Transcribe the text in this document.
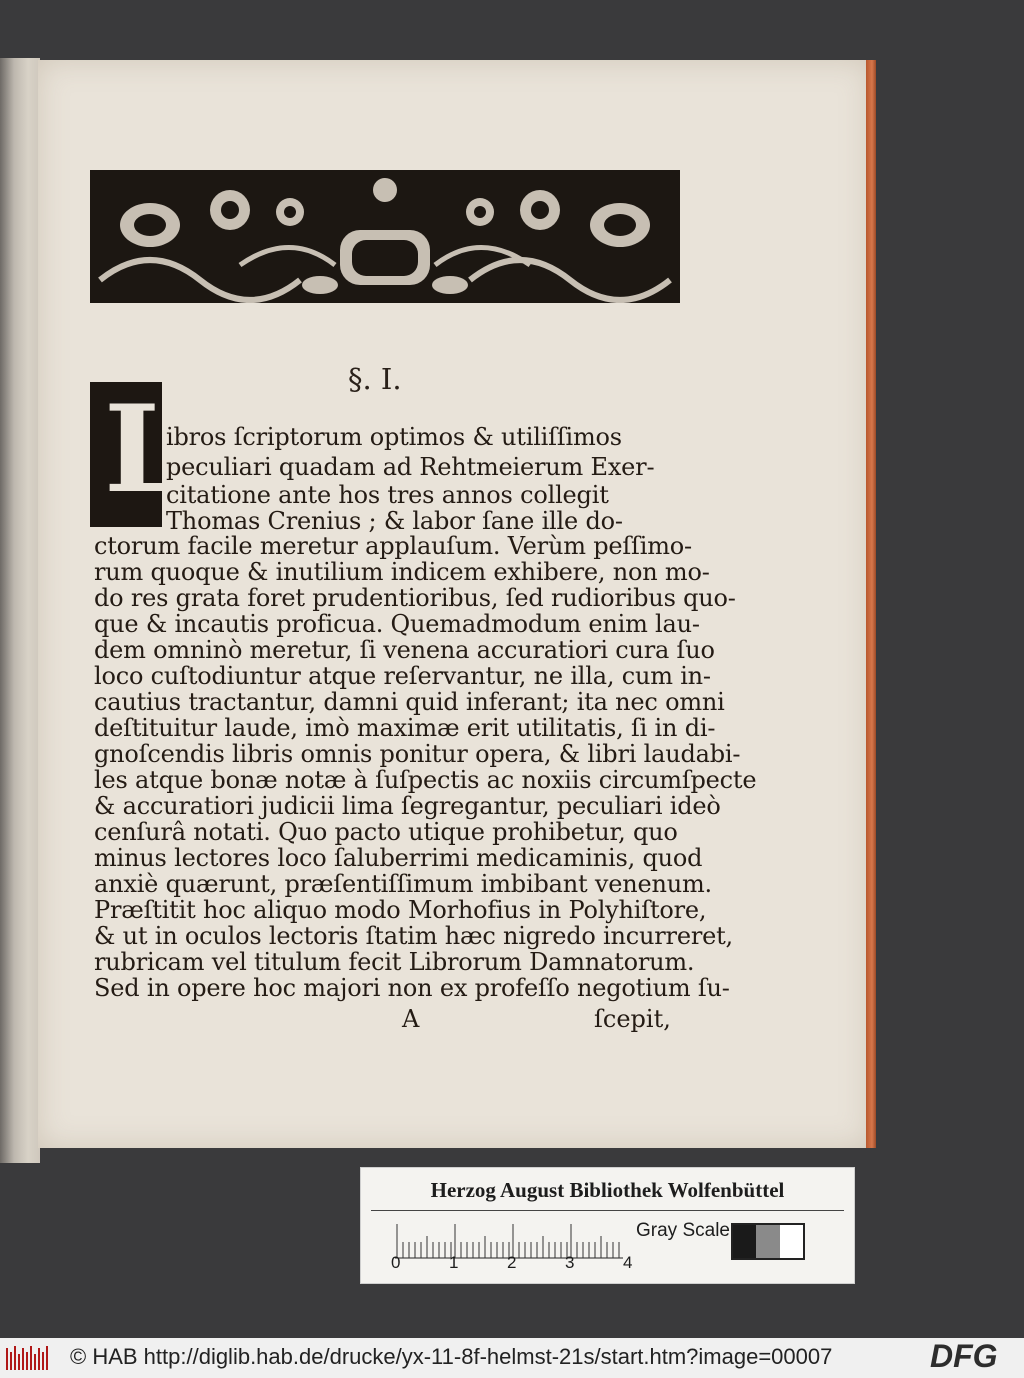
§. I.
L
ibros ſcriptorum optimos & utiliſſimos
peculiari quadam ad Rehtmeierum Exer-
citatione ante hos tres annos collegit
Thomas Crenius ; & labor ſane ille do-
ctorum facile meretur applauſum. Verùm peſſimo-
rum quoque & inutilium indicem exhibere, non mo-
do res grata foret prudentioribus, ſed rudioribus quo-
que & incautis proficua. Quemadmodum enim lau-
dem omninò meretur, ſi venena accuratiori cura ſuo
loco cuſtodiuntur atque reſervantur, ne illa, cum in-
cautius tractantur, damni quid inferant; ita nec omni
deſtituitur laude, imò maximæ erit utilitatis, ſi in di-
gnoſcendis libris omnis ponitur opera, & libri laudabi-
les atque bonæ notæ à ſuſpectis ac noxiis circumſpecte
& accuratiori judicii lima ſegregantur, peculiari ideò
cenſurâ notati. Quo pacto utique prohibetur, quo
minus lectores loco ſaluberrimi medicaminis, quod
anxiè quærunt, præſentiſſimum imbibant venenum.
Præſtitit hoc aliquo modo Morhofius in Polyhiſtore,
& ut in oculos lectoris ſtatim hæc nigredo incurreret,
rubricam vel titulum fecit Librorum Damnatorum.
Sed in opere hoc majori non ex profeſſo negotium ſu-
A	ſcepit,
Herzog August Bibliothek Wolfenbüttel
0	1	2	3	4
Gray Scale
© HAB http://diglib.hab.de/drucke/yx-11-8f-helmst-21s/start.htm?image=00007	DFG
